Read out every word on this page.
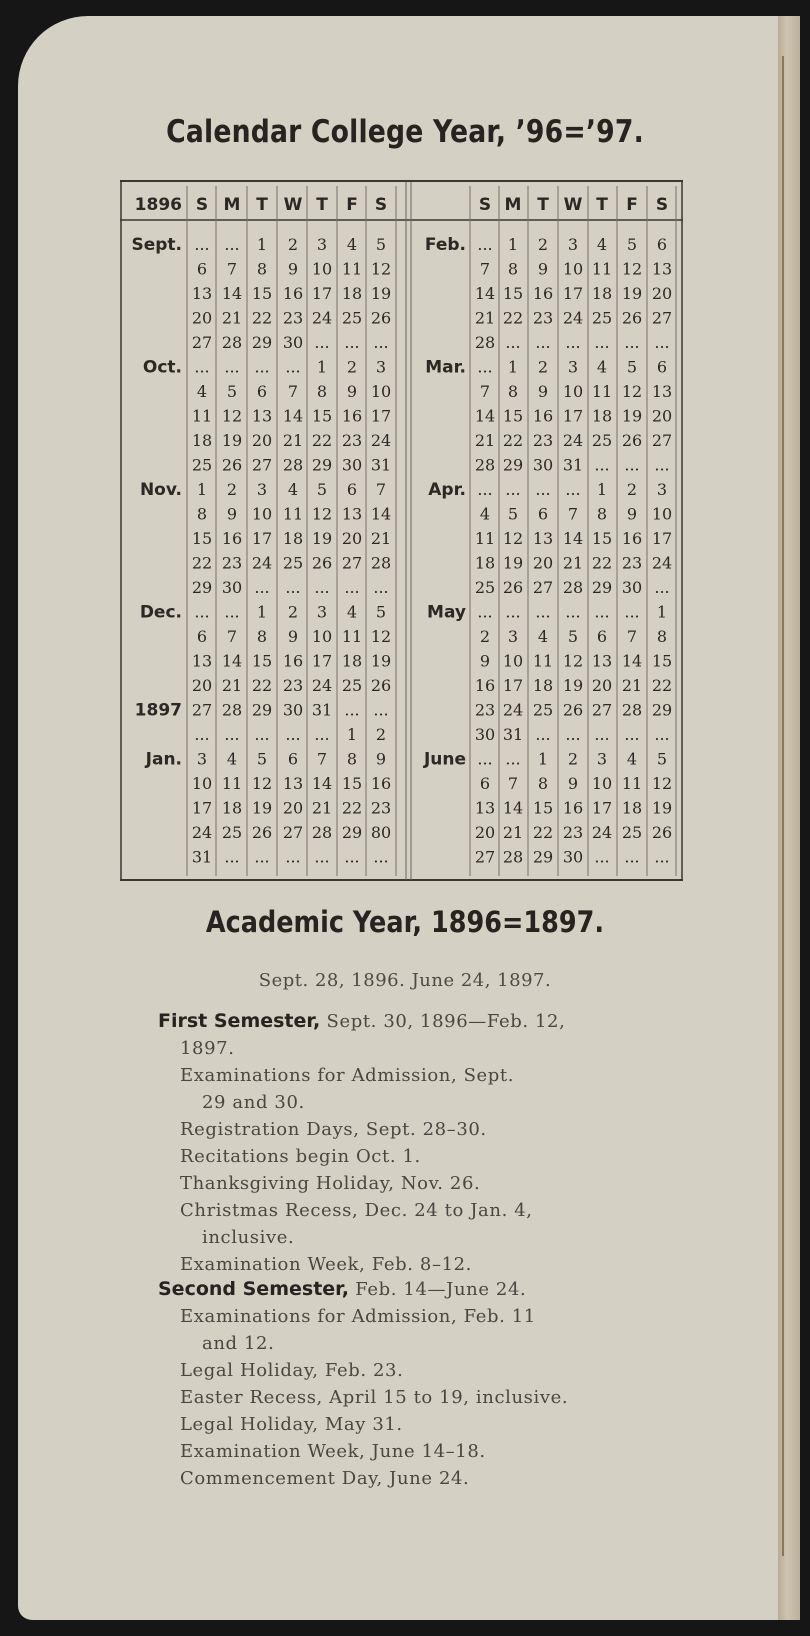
Calendar College Year, ’96=’97.
1896 S M T W T F S
Sept. ... ... 1 2 3 4 5
6 7 8 9 10 11 12
13 14 15 16 17 18 19
20 21 22 23 24 25 26
27 28 29 30 ... ... ...
Oct. ... ... ... ... 1 2 3
4 5 6 7 8 9 10
11 12 13 14 15 16 17
18 19 20 21 22 23 24
25 26 27 28 29 30 31
Nov. 1 2 3 4 5 6 7
8 9 10 11 12 13 14
15 16 17 18 19 20 21
22 23 24 25 26 27 28
29 30 ... ... ... ... ...
Dec. ... ... 1 2 3 4 5
6 7 8 9 10 11 12
13 14 15 16 17 18 19
20 21 22 23 24 25 26
1897 27 28 29 30 31 ... ...
... ... ... ... ... 1 2
Jan. 3 4 5 6 7 8 9
10 11 12 13 14 15 16
17 18 19 20 21 22 23
24 25 26 27 28 29 80
31 ... ... ... ... ... ...
S M T W T F S
Feb. ... 1 2 3 4 5 6
7 8 9 10 11 12 13
14 15 16 17 18 19 20
21 22 23 24 25 26 27
28 ... ... ... ... ... ...
Mar. ... 1 2 3 4 5 6
7 8 9 10 11 12 13
14 15 16 17 18 19 20
21 22 23 24 25 26 27
28 29 30 31 ... ... ...
Apr. ... ... ... ... 1 2 3
4 5 6 7 8 9 10
11 12 13 14 15 16 17
18 19 20 21 22 23 24
25 26 27 28 29 30 ...
May ... ... ... ... ... ... 1
2 3 4 5 6 7 8
9 10 11 12 13 14 15
16 17 18 19 20 21 22
23 24 25 26 27 28 29
30 31 ... ... ... ... ...
June ... ... 1 2 3 4 5
6 7 8 9 10 11 12
13 14 15 16 17 18 19
20 21 22 23 24 25 26
27 28 29 30 ... ... ...
Academic Year, 1896=1897.
Sept. 28, 1896. June 24, 1897.
First Semester, Sept. 30, 1896—Feb. 12,
1897.
Examinations for Admission, Sept.
29 and 30.
Registration Days, Sept. 28–30.
Recitations begin Oct. 1.
Thanksgiving Holiday, Nov. 26.
Christmas Recess, Dec. 24 to Jan. 4,
inclusive.
Examination Week, Feb. 8–12.
Second Semester, Feb. 14—June 24.
Examinations for Admission, Feb. 11
and 12.
Legal Holiday, Feb. 23.
Easter Recess, April 15 to 19, inclusive.
Legal Holiday, May 31.
Examination Week, June 14–18.
Commencement Day, June 24.
